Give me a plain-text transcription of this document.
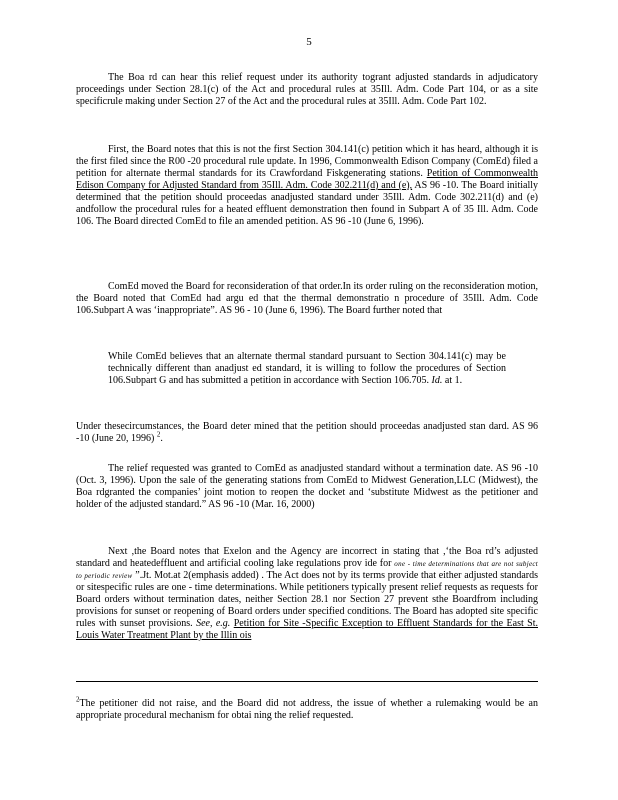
5

The Boa rd can hear this relief request under its authority togrant adjusted standards in adjudicatory proceedings under Section 28.1(c) of the Act and procedural rules at 35Ill. Adm. Code Part 104, or as a site specificrule making under Section 27 of the Act and the procedural rules at 35Ill. Adm. Code Part 102.

First, the Board notes that this is not the first Section 304.141(c) petition which it has heard, although it is the first filed since the R00 -20 procedural rule update. In 1996, Commonwealth Edison Company (ComEd) filed a petition for alternate thermal standards for its Crawfordand Fiskgenerating stations. Petition of Commonwealth Edison Company for Adjusted Standard from 35Ill. Adm. Code 302.211(d) and (e), AS 96 -10. The Board initially determined that the petition should proceedas anadjusted standard under 35Ill. Adm. Code 302.211(d) and (e) andfollow the procedural rules for a heated effluent demonstration then found in Subpart A of 35 Ill. Adm. Code 106. The Board directed ComEd to file an amended petition. AS 96 -10 (June 6, 1996).

ComEd moved the Board for reconsideration of that order.In its order ruling on the reconsideration motion, the Board noted that ComEd had argu ed that the thermal demonstratio n procedure of 35Ill. Adm. Code 106.Subpart A was ‘inappropriate”. AS 96 - 10 (June 6, 1996). The Board further noted that

While ComEd believes that an alternate thermal standard pursuant to Section 304.141(c) may be technically different than anadjust ed standard, it is willing to follow the procedures of Section 106.Subpart G and has submitted a petition in accordance with Section 106.705. Id. at 1.

Under thesecircumstances, the Board deter mined that the petition should proceedas anadjusted stan dard. AS 96 -10 (June 20, 1996) $^2$.

The relief requested was granted to ComEd as anadjusted standard without a termination date. AS 96 -10 (Oct. 3, 1996). Upon the sale of the generating stations from ComEd to Midwest Generation,LLC (Midwest), the Boa rdgranted the companies’ joint motion to reopen the docket and ‘substitute Midwest as the petitioner and holder of the adjusted standard.” AS 96 -10 (Mar. 16, 2000)

Next ,the Board notes that Exelon and the Agency are incorrect in stating that ,‘the Boa rd’s adjusted standard and heatedeffluent and artificial cooling lake regulations prov ide for one - time determinations that are not subject to periodic review ”.Jt. Mot.at 2(emphasis added) . The Act does not by its terms provide that either adjusted standards or sitespecific rules are one - time determinations. While petitioners typically present relief requests as requests for Board orders without termination dates, neither Section 28.1 nor Section 27 prevent sthe Boardfrom including provisions for sunset or reopening of Board orders under specified conditions. The Board has adopted site specific rules with sunset provisions. See, e.g. Petition for Site -Specific Exception to Effluent Standards for the East St. Louis Water Treatment Plant by the Illin ois

$^2$The petitioner did not raise, and the Board did not address, the issue of whether a rulemaking would be an appropriate procedural mechanism for obtai ning the relief requested.
